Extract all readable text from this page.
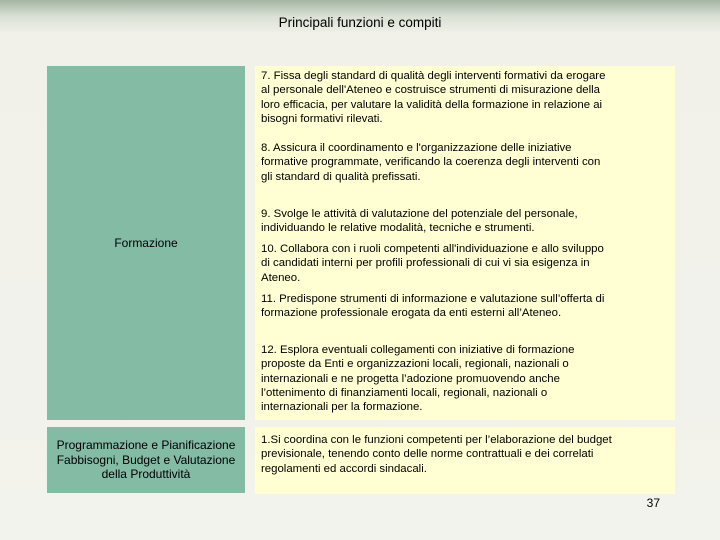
Principali funzioni e compiti
Formazione

7. Fissa degli standard di qualità degli interventi formativi da erogare
al personale dell'Ateneo e costruisce strumenti di misurazione della
loro efficacia, per valutare la validità della formazione in relazione ai
bisogni formativi rilevati.

8. Assicura il coordinamento e l'organizzazione delle iniziative
formative programmate, verificando la coerenza degli interventi con
gli standard di qualità prefissati.

9. Svolge le attività di valutazione del potenziale del personale,
individuando le relative modalità, tecniche e strumenti.

10. Collabora con i ruoli competenti all'individuazione e allo sviluppo
di candidati interni per profili professionali di cui vi sia esigenza in
Ateneo.

11. Predispone strumenti di informazione e valutazione sull’offerta di
formazione professionale erogata da enti esterni all’Ateneo.

12. Esplora eventuali collegamenti con iniziative di formazione
proposte da Enti e organizzazioni locali, regionali, nazionali o
internazionali e ne progetta l’adozione promuovendo anche
l’ottenimento di finanziamenti locali, regionali, nazionali o
internazionali per la formazione.

Programmazione e Pianificazione
Fabbisogni, Budget e Valutazione
della Produttività

1.Si coordina con le funzioni competenti per l’elaborazione del budget
previsionale, tenendo conto delle norme contrattuali e dei correlati
regolamenti ed accordi sindacali.

37
